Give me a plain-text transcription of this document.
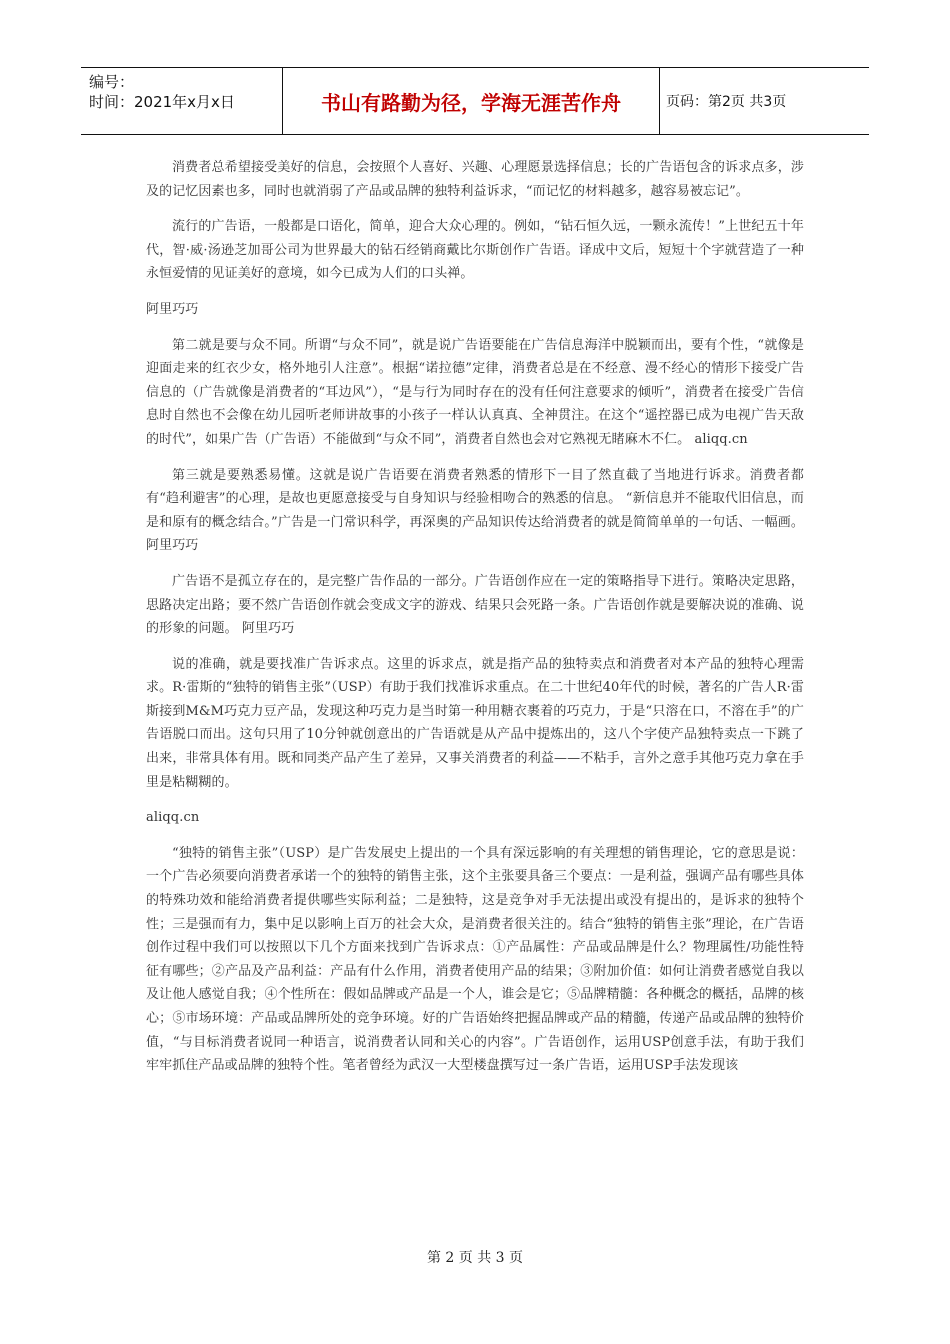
编号：
时间：2021年x月x日	书山有路勤为径，学海无涯苦作舟	页码：第2页 共3页

消费者总希望接受美好的信息，会按照个人喜好、兴趣、心理愿景选择信息；长的广告语包含的诉求点多，涉及的记忆因素也多，同时也就消弱了产品或品牌的独特利益诉求，“而记忆的材料越多，越容易被忘记”。

流行的广告语，一般都是口语化，简单，迎合大众心理的。例如，“钻石恒久远，一颗永流传！”上世纪五十年代，智·威·汤逊芝加哥公司为世界最大的钻石经销商戴比尔斯创作广告语。译成中文后，短短十个字就营造了一种永恒爱情的见证美好的意境，如今已成为人们的口头禅。

阿里巧巧

第二就是要与众不同。所谓“与众不同”，就是说广告语要能在广告信息海洋中脱颖而出，要有个性，“就像是迎面走来的红衣少女，格外地引人注意”。根据“诺拉德”定律，消费者总是在不经意、漫不经心的情形下接受广告信息的（广告就像是消费者的“耳边风”），“是与行为同时存在的没有任何注意要求的倾听”，消费者在接受广告信息时自然也不会像在幼儿园听老师讲故事的小孩子一样认认真真、全神贯注。在这个“遥控器已成为电视广告天敌的时代”，如果广告（广告语）不能做到“与众不同”，消费者自然也会对它熟视无睹麻木不仁。 aliqq.cn

第三就是要熟悉易懂。这就是说广告语要在消费者熟悉的情形下一目了然直截了当地进行诉求。消费者都有“趋利避害”的心理，是故也更愿意接受与自身知识与经验相吻合的熟悉的信息。 “新信息并不能取代旧信息，而是和原有的概念结合。”广告是一门常识科学，再深奥的产品知识传达给消费者的就是简简单单的一句话、一幅画。 阿里巧巧

广告语不是孤立存在的，是完整广告作品的一部分。广告语创作应在一定的策略指导下进行。策略决定思路，思路决定出路；要不然广告语创作就会变成文字的游戏、结果只会死路一条。广告语创作就是要解决说的准确、说的形象的问题。 阿里巧巧

说的准确，就是要找准广告诉求点。这里的诉求点，就是指产品的独特卖点和消费者对本产品的独特心理需求。R·雷斯的“独特的销售主张”（USP）有助于我们找准诉求重点。在二十世纪40年代的时候，著名的广告人R·雷斯接到M&M巧克力豆产品，发现这种巧克力是当时第一种用糖衣裹着的巧克力，于是“只溶在口，不溶在手”的广告语脱口而出。这句只用了10分钟就创意出的广告语就是从产品中提炼出的，这八个字使产品独特卖点一下跳了出来，非常具体有用。既和同类产品产生了差异，又事关消费者的利益——不粘手，言外之意手其他巧克力拿在手里是粘糊糊的。

aliqq.cn

“独特的销售主张”（USP）是广告发展史上提出的一个具有深远影响的有关理想的销售理论，它的意思是说：一个广告必须要向消费者承诺一个的独特的销售主张，这个主张要具备三个要点：一是利益，强调产品有哪些具体的特殊功效和能给消费者提供哪些实际利益；二是独特，这是竞争对手无法提出或没有提出的，是诉求的独特个性；三是强而有力，集中足以影响上百万的社会大众，是消费者很关注的。结合“独特的销售主张”理论，在广告语创作过程中我们可以按照以下几个方面来找到广告诉求点：①产品属性：产品或品牌是什么？物理属性/功能性特征有哪些；②产品及产品利益：产品有什么作用，消费者使用产品的结果；③附加价值：如何让消费者感觉自我以及让他人感觉自我；④个性所在：假如品牌或产品是一个人，谁会是它；⑤品牌精髓：各种概念的概括，品牌的核心；⑤市场环境：产品或品牌所处的竞争环境。好的广告语始终把握品牌或产品的精髓，传递产品或品牌的独特价值，“与目标消费者说同一种语言，说消费者认同和关心的内容”。广告语创作，运用USP创意手法，有助于我们牢牢抓住产品或品牌的独特个性。笔者曾经为武汉一大型楼盘撰写过一条广告语，运用USP手法发现该

第 2 页 共 3 页
